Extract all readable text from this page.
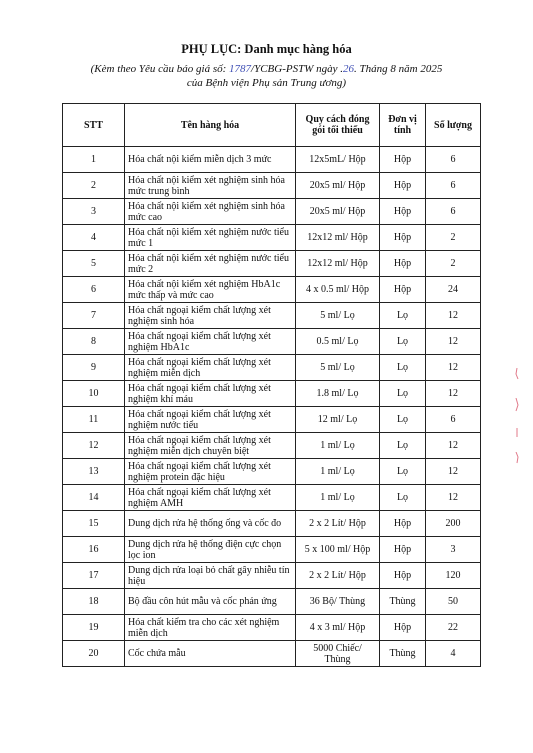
PHỤ LỤC: Danh mục hàng hóa
(Kèm theo Yêu cầu báo giá số: 1787/YCBG-PSTW ngày .26. Tháng 8 năm 2025
của Bệnh viện Phụ sản Trung ương)
STT	Tên hàng hóa	Quy cách đóng gói tối thiểu	Đơn vị tính	Số lượng
1	Hóa chất nội kiểm miễn dịch 3 mức	12x5mL/ Hộp	Hộp	6
2	Hóa chất nội kiểm xét nghiệm sinh hóa mức trung bình	20x5 ml/ Hộp	Hộp	6
3	Hóa chất nội kiểm xét nghiệm sinh hóa mức cao	20x5 ml/ Hộp	Hộp	6
4	Hóa chất nội kiểm xét nghiệm nước tiểu mức 1	12x12 ml/ Hộp	Hộp	2
5	Hóa chất nội kiểm xét nghiệm nước tiểu mức 2	12x12 ml/ Hộp	Hộp	2
6	Hóa chất nội kiểm xét nghiệm HbA1c mức thấp và mức cao	4 x 0.5 ml/ Hộp	Hộp	24
7	Hóa chất ngoại kiểm chất lượng xét nghiệm sinh hóa	5 ml/ Lọ	Lọ	12
8	Hóa chất ngoại kiểm chất lượng xét nghiệm HbA1c	0.5 ml/ Lọ	Lọ	12
9	Hóa chất ngoại kiểm chất lượng xét nghiệm miễn dịch	5 ml/ Lọ	Lọ	12
10	Hóa chất ngoại kiểm chất lượng xét nghiệm khí máu	1.8 ml/ Lọ	Lọ	12
11	Hóa chất ngoại kiểm chất lượng xét nghiệm nước tiểu	12 ml/ Lọ	Lọ	6
12	Hóa chất ngoại kiểm chất lượng xét nghiệm miễn dịch chuyên biệt	1 ml/ Lọ	Lọ	12
13	Hóa chất ngoại kiểm chất lượng xét nghiệm protein đặc hiệu	1 ml/ Lọ	Lọ	12
14	Hóa chất ngoại kiểm chất lượng xét nghiệm AMH	1 ml/ Lọ	Lọ	12
15	Dung dịch rửa hệ thống ống và cốc đo	2 x 2 Lít/ Hộp	Hộp	200
16	Dung dịch rửa hệ thống điện cực chọn lọc ion	5 x 100 ml/ Hộp	Hộp	3
17	Dung dịch rửa loại bỏ chất gây nhiễu tín hiệu	2 x 2 Lít/ Hộp	Hộp	120
18	Bộ đầu côn hút mẫu và cốc phản ứng	36 Bộ/ Thùng	Thùng	50
19	Hóa chất kiểm tra cho các xét nghiệm miễn dịch	4 x 3 ml/ Hộp	Hộp	22
20	Cốc chứa mẫu	5000 Chiếc/ Thùng	Thùng	4
